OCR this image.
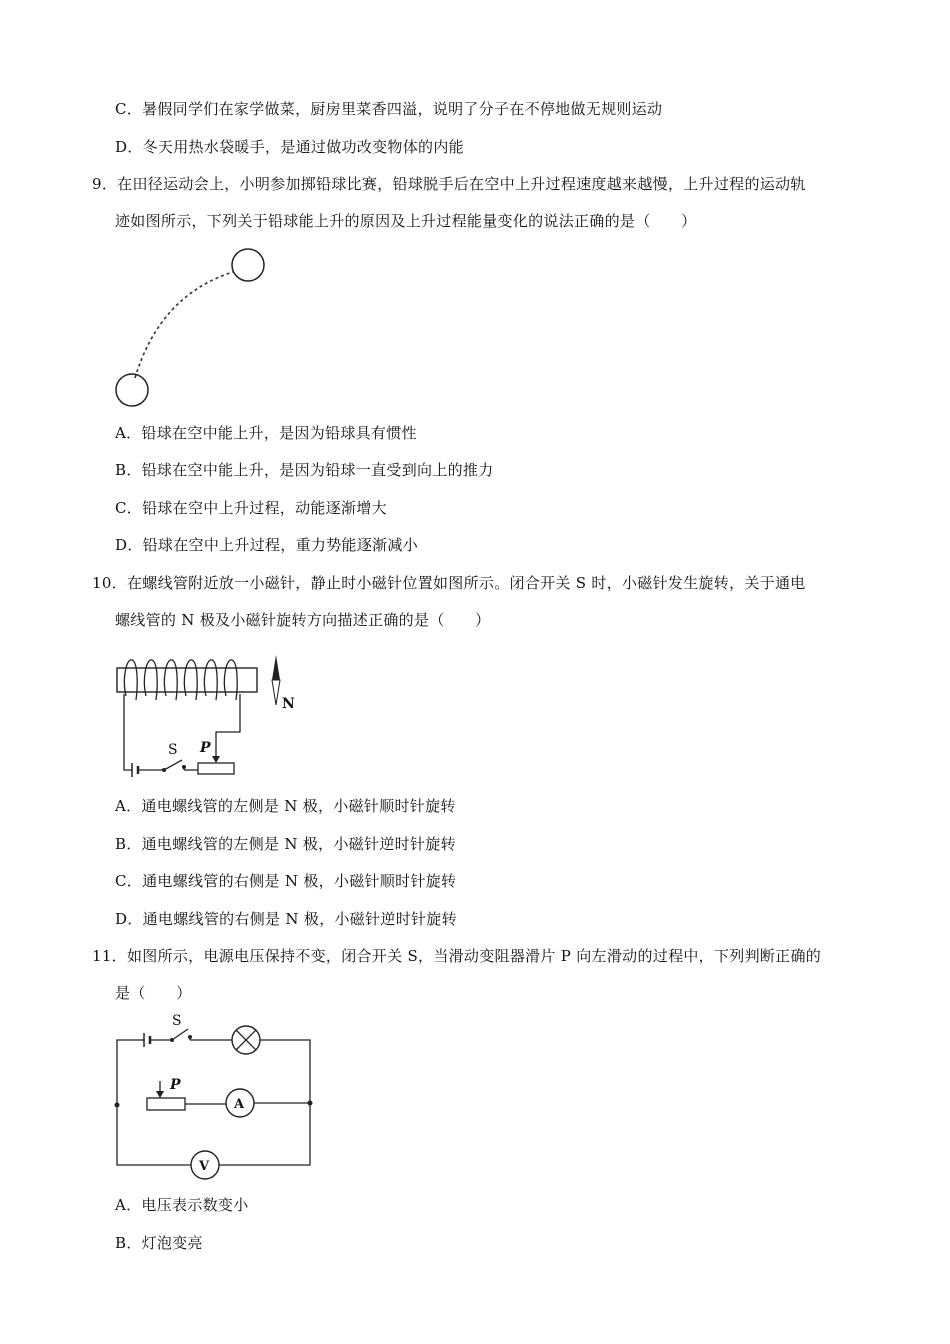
C．暑假同学们在家学做菜，厨房里菜香四溢，说明了分子在不停地做无规则运动
D．冬天用热水袋暖手，是通过做功改变物体的内能
9．在田径运动会上，小明参加掷铅球比赛，铅球脱手后在空中上升过程速度越来越慢，上升过程的运动轨
迹如图所示，下列关于铅球能上升的原因及上升过程能量变化的说法正确的是（　　）
A．铅球在空中能上升，是因为铅球具有惯性
B．铅球在空中能上升，是因为铅球一直受到向上的推力
C．铅球在空中上升过程，动能逐渐增大
D．铅球在空中上升过程，重力势能逐渐减小
10．在螺线管附近放一小磁针，静止时小磁针位置如图所示。闭合开关 S 时，小磁针发生旋转，关于通电
螺线管的 N 极及小磁针旋转方向描述正确的是（　　）
S P
N
A．通电螺线管的左侧是 N 极，小磁针顺时针旋转
B．通电螺线管的左侧是 N 极，小磁针逆时针旋转
C．通电螺线管的右侧是 N 极，小磁针顺时针旋转
D．通电螺线管的右侧是 N 极，小磁针逆时针旋转
11．如图所示，电源电压保持不变，闭合开关 S，当滑动变阻器滑片 P 向左滑动的过程中，下列判断正确的
是（　　）
S
V
P
A
A．电压表示数变小
B．灯泡变亮
